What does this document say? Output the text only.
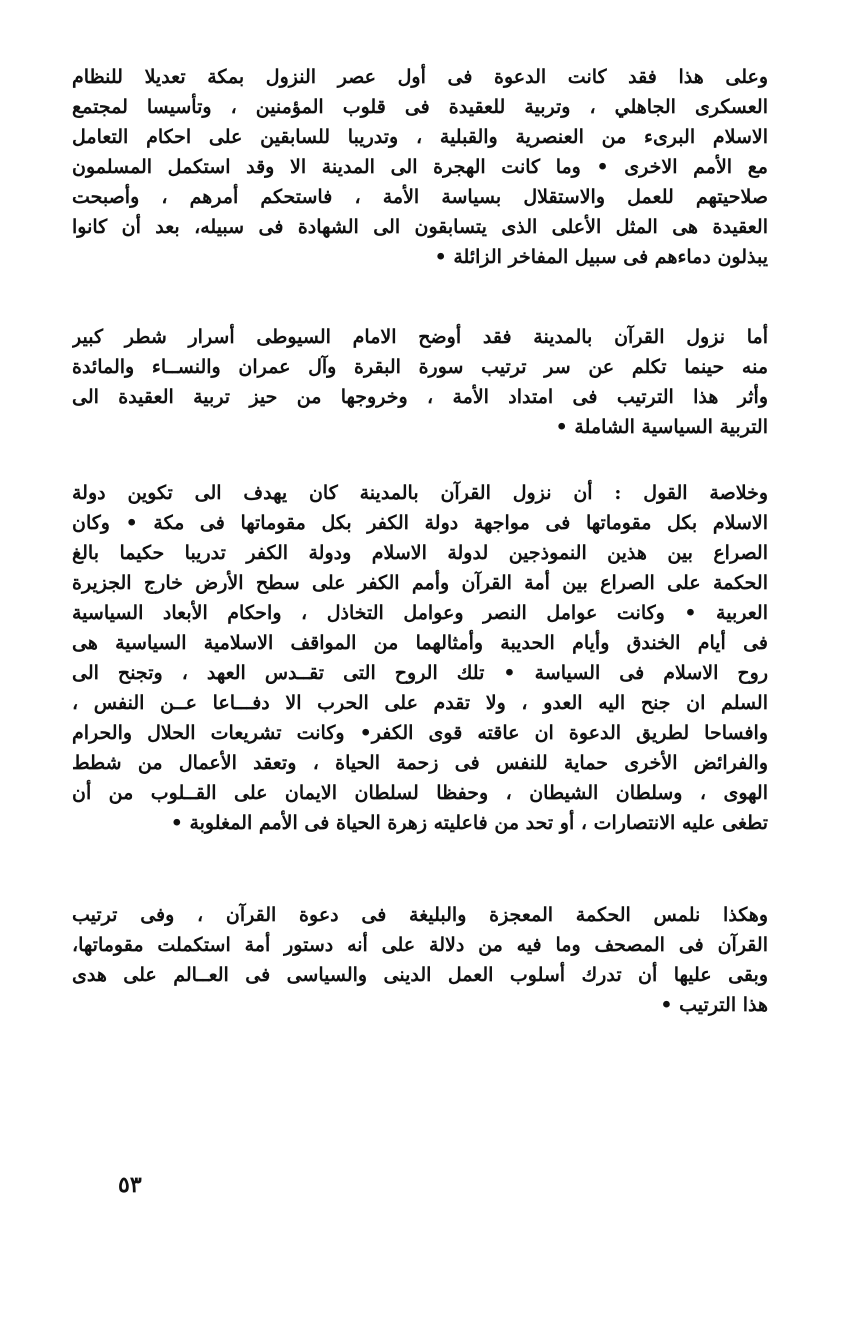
وعلى هذا فقد كانت الدعوة فى أول عصر النزول بمكة تعديلا للنظام
العسكرى الجاهلي ، وتربية للعقيدة فى قلوب المؤمنين ، وتأسيسا لمجتمع
الاسلام البرىء من العنصرية والقبلية ، وتدريبا للسابقين على احكام التعامل
مع الأمم الاخرى • وما كانت الهجرة الى المدينة الا وقد استكمل المسلمون
صلاحيتهم للعمل والاستقلال بسياسة الأمة ، فاستحكم أمرهم ، وأصبحت
العقيدة هى المثل الأعلى الذى يتسابقون الى الشهادة فى سبيله، بعد أن كانوا
يبذلون دماءهم فى سبيل المفاخر الزائلة •
أما نزول القرآن بالمدينة فقد أوضح الامام السيوطى أسرار شطر كبير
منه حينما تكلم عن سر ترتيب سورة البقرة وآل عمران والنســاء والمائدة
وأثر هذا الترتيب فى امتداد الأمة ، وخروجها من حيز تربية العقيدة الى
التربية السياسية الشاملة •
وخلاصة القول : أن نزول القرآن بالمدينة كان يهدف الى تكوين دولة
الاسلام بكل مقوماتها فى مواجهة دولة الكفر بكل مقوماتها فى مكة • وكان
الصراع بين هذين النموذجين لدولة الاسلام ودولة الكفر تدريبا حكيما بالغ
الحكمة على الصراع بين أمة القرآن وأمم الكفر على سطح الأرض خارج الجزيرة
العربية • وكانت عوامل النصر وعوامل التخاذل ، واحكام الأبعاد السياسية
فى أيام الخندق وأيام الحديبة وأمثالهما من المواقف الاسلامية السياسية هى
روح الاسلام فى السياسة • تلك الروح التى تقــدس العهد ، وتجنح الى
السلم ان جنح اليه العدو ، ولا تقدم على الحرب الا دفـــاعا عــن النفس ،
وافساحا لطريق الدعوة ان عاقته قوى الكفر• وكانت تشريعات الحلال والحرام
والفرائض الأخرى حماية للنفس فى زحمة الحياة ، وتعقد الأعمال من شطط
الهوى ، وسلطان الشيطان ، وحفظا لسلطان الايمان على القــلوب من أن
تطغى عليه الانتصارات ، أو تحد من فاعليته زهرة الحياة فى الأمم المغلوبة •
وهكذا نلمس الحكمة المعجزة والبليغة فى دعوة القرآن ، وفى ترتيب
القرآن فى المصحف وما فيه من دلالة على أنه دستور أمة استكملت مقوماتها،
وبقى عليها أن تدرك أسلوب العمل الدينى والسياسى فى العــالم على هدى
هذا الترتيب •
٥٣
